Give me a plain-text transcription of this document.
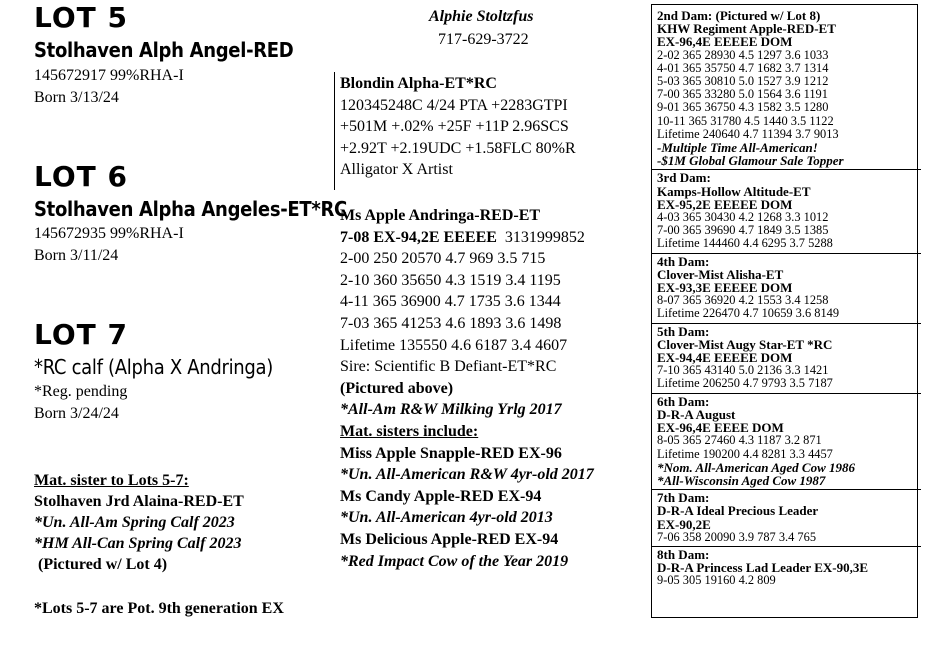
LOT 5
Stolhaven Alph Angel-RED
145672917 99%RHA-I
Born 3/13/24
LOT 6
Stolhaven Alpha Angeles-ET*RC
145672935 99%RHA-I
Born 3/11/24
LOT 7
*RC calf (Alpha X Andringa)
*Reg. pending
Born 3/24/24
Mat. sister to Lots 5-7:
Stolhaven Jrd Alaina-RED-ET
*Un. All-Am Spring Calf 2023
*HM All-Can Spring Calf 2023
(Pictured w/ Lot 4)
*Lots 5-7 are Pot. 9th generation EX
Alphie Stoltzfus
717-629-3722
Blondin Alpha-ET*RC
120345248C 4/24 PTA +2283GTPI
+501M +.02% +25F +11P 2.96SCS
+2.92T +2.19UDC +1.58FLC 80%R
Alligator X Artist
Ms Apple Andringa-RED-ET
7-08 EX-94,2E EEEEE 3131999852
2-00 250 20570 4.7 969 3.5 715
2-10 360 35650 4.3 1519 3.4 1195
4-11 365 36900 4.7 1735 3.6 1344
7-03 365 41253 4.6 1893 3.6 1498
Lifetime 135550 4.6 6187 3.4 4607
Sire: Scientific B Defiant-ET*RC
(Pictured above)
*All-Am R&W Milking Yrlg 2017
Mat. sisters include:
Miss Apple Snapple-RED EX-96
*Un. All-American R&W 4yr-old 2017
Ms Candy Apple-RED EX-94
*Un. All-American 4yr-old 2013
Ms Delicious Apple-RED EX-94
*Red Impact Cow of the Year 2019
2nd Dam: (Pictured w/ Lot 8)
KHW Regiment Apple-RED-ET
EX-96,4E EEEEE DOM
2-02 365 28930 4.5 1297 3.6 1033
4-01 365 35750 4.7 1682 3.7 1314
5-03 365 30810 5.0 1527 3.9 1212
7-00 365 33280 5.0 1564 3.6 1191
9-01 365 36750 4.3 1582 3.5 1280
10-11 365 31780 4.5 1440 3.5 1122
Lifetime 240640 4.7 11394 3.7 9013
-Multiple Time All-American!
-$1M Global Glamour Sale Topper
3rd Dam:
Kamps-Hollow Altitude-ET
EX-95,2E EEEEE DOM
4-03 365 30430 4.2 1268 3.3 1012
7-00 365 39690 4.7 1849 3.5 1385
Lifetime 144460 4.4 6295 3.7 5288
4th Dam:
Clover-Mist Alisha-ET
EX-93,3E EEEEE DOM
8-07 365 36920 4.2 1553 3.4 1258
Lifetime 226470 4.7 10659 3.6 8149
5th Dam:
Clover-Mist Augy Star-ET *RC
EX-94,4E EEEEE DOM
7-10 365 43140 5.0 2136 3.3 1421
Lifetime 206250 4.7 9793 3.5 7187
6th Dam:
D-R-A August
EX-96,4E EEEE DOM
8-05 365 27460 4.3 1187 3.2 871
Lifetime 190200 4.4 8281 3.3 4457
*Nom. All-American Aged Cow 1986
*All-Wisconsin Aged Cow 1987
7th Dam:
D-R-A Ideal Precious Leader
EX-90,2E
7-06 358 20090 3.9 787 3.4 765
8th Dam:
D-R-A Princess Lad Leader EX-90,3E
9-05 305 19160 4.2 809
